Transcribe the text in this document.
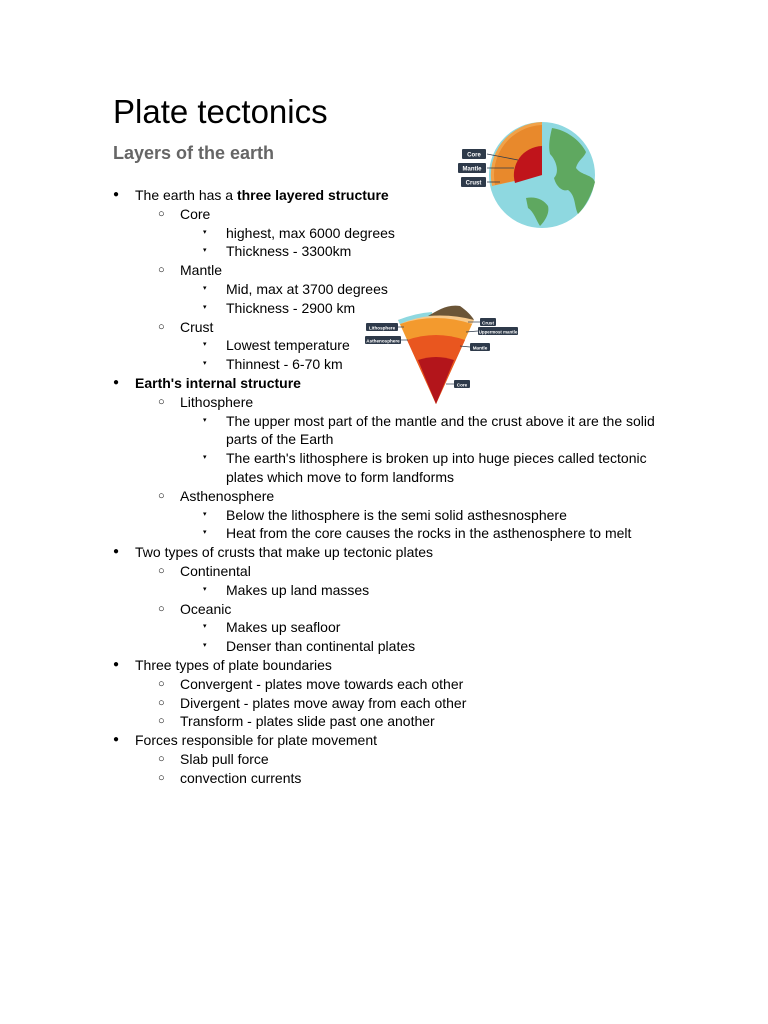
Plate tectonics
Layers of the earth
● The earth has a three layered structure
○ Core
▾ highest, max 6000 degrees
▾ Thickness - 3300km
○ Mantle
▾ Mid, max at 3700 degrees
▾ Thickness - 2900 km
○ Crust
▾ Lowest temperature
▾ Thinnest - 6-70 km
● Earth's internal structure
○ Lithosphere
▾ The upper most part of the mantle and the crust above it are the solid
parts of the Earth
▾ The earth's lithosphere is broken up into huge pieces called tectonic
plates which move to form landforms
○ Asthenosphere
▾ Below the lithosphere is the semi solid asthesnosphere
▾ Heat from the core causes the rocks in the asthenosphere to melt
● Two types of crusts that make up tectonic plates
○ Continental
▾ Makes up land masses
○ Oceanic
▾ Makes up seafloor
▾ Denser than continental plates
● Three types of plate boundaries
○ Convergent - plates move towards each other
○ Divergent - plates move away from each other
○ Transform - plates slide past one another
● Forces responsible for plate movement
○ Slab pull force
○ convection currents
Core
Mantle
Crust
Lithosphere
Asthenosphere
Crust
Uppermost mantle
Mantle
Core
